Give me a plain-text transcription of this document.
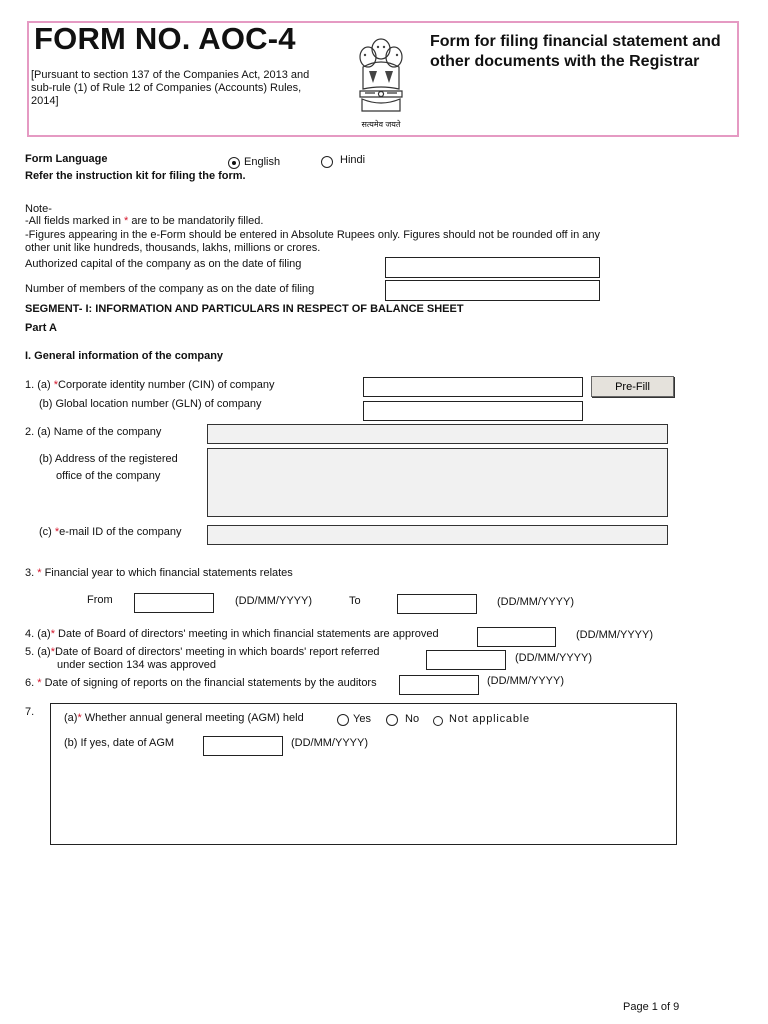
FORM NO. AOC-4
[Pursuant to section 137 of the Companies Act, 2013 and sub-rule (1) of Rule 12 of Companies (Accounts) Rules, 2014]
सत्यमेव जयते
Form for filing financial statement and other documents with the Registrar
Form Language	English	Hindi
Refer the instruction kit for filing the form.
Note-
-All fields marked in * are to be mandatorily filled.
-Figures appearing in the e-Form should be entered in Absolute Rupees only. Figures should not be rounded off in any
other unit like hundreds, thousands, lakhs, millions or crores.
Authorized capital of the company as on the date of filing
Number of members of the company as on the date of filing
SEGMENT- I: INFORMATION AND PARTICULARS IN RESPECT OF BALANCE SHEET
Part A
I. General information of the company
1. (a) *Corporate identity number (CIN) of company	Pre-Fill
(b) Global location number (GLN) of company
2. (a) Name of the company
(b) Address of the registered
office of the company
(c) *e-mail ID of the company
3. * Financial year to which financial statements relates
From	(DD/MM/YYYY)	To	(DD/MM/YYYY)
4. (a)* Date of Board of directors' meeting in which financial statements are approved	(DD/MM/YYYY)
5. (a)*Date of Board of directors' meeting in which boards' report referred
under section 134 was approved
(DD/MM/YYYY)
6. * Date of signing of reports on the financial statements by the auditors	(DD/MM/YYYY)
7.	(a)* Whether annual general meeting (AGM) held	Yes	No	Not applicable
(b) If yes, date of AGM	(DD/MM/YYYY)
Page 1 of 9
